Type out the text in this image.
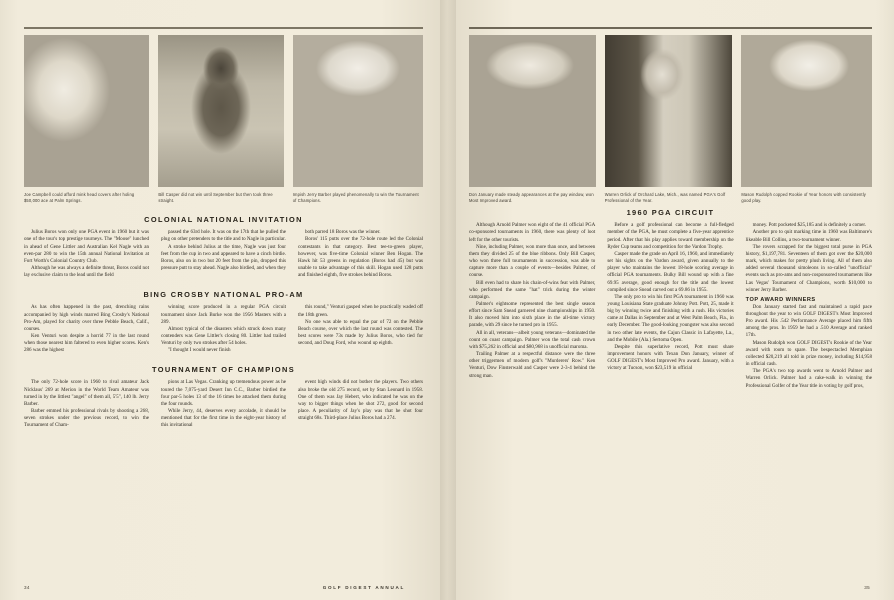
Joe Campbell could afford mink head covers after holing $50,000 ace at Palm Springs.
Bill Casper did not win until September but then took three straight.
Impish Jerry Barber played phenomenally to win the Tournament of Champions.
COLONIAL NATIONAL INVITATION

Julius Boros won only one PGA event in 1960 but it was one of the tour's top prestige tourneys. The "Moose" lunched in ahead of Gene Littler and Australian Kel Nagle with an even-par 280 to win the 15th annual National Invitation at Fort Worth's Colonial Country Club.

Although he was always a definite threat, Boros could not lay exclusive claim to the lead until the field

passed the 63rd hole. It was on the 17th that he pulled the plug on other pretenders to the title and to Nagle in particular.

A stroke behind Julius at the time, Nagle was just four feet from the cup in two and appeared to have a cinch birdie. Boros, also on in two but 20 feet from the pin, dropped this pressure putt to stay ahead. Nagle also birdied, and when they

both parred 18 Boros was the winner.

Boros' 115 putts over the 72-hole route led the Colonial contestants in that category. Best tee-to-green player, however, was five-time Colonial winner Ben Hogan. The Hawk hit 53 greens in regulation (Boros had 45) but was unable to take advantage of this skill. Hogan used 128 putts and finished eighth, five strokes behind Boros.

BING CROSBY NATIONAL PRO-AM

As has often happened in the past, drenching rains accompanied by high winds marred Bing Crosby's National Pro-Am, played for charity over three Pebble Beach, Calif., courses.

Ken Venturi won despite a horrid 77 in the last round when those nearest him faltered to even higher scores. Ken's 286 was the highest

winning score produced in a regular PGA circuit tournament since Jack Burke won the 1956 Masters with a 289.

Almost typical of the disasters which struck down many contenders was Gene Littler's closing 80. Littler had trailed Venturi by only two strokes after 54 holes.

"I thought I would never finish

this round," Venturi gasped when he practically waded off the 18th green.

No one was able to equal the par of 72 on the Pebble Beach course, over which the last round was contested. The best scores were 73s made by Julius Boros, who tied for second, and Doug Ford, who wound up eighth.

TOURNAMENT OF CHAMPIONS

The only 72-hole score in 1960 to rival amateur Jack Nicklaus' 269 at Merion in the World Team Amateur was turned in by the littlest "angel" of them all, 5'5", 140 lb. Jerry Barber.

Barber emmed his professional rivals by shooting a 268, seven strokes under the previous record, to win the Tournament of Cham-

pions at Las Vegas. Cranking up tremendous power as he toured the 7,075-yard Desert Inn C.C., Barber birdied the four par-5 holes 13 of the 16 times he attacked them during the four rounds.

While Jerry, 44, deserves every accolade, it should be mentioned that for the first time in the eight-year history of this invitational

event high winds did not bother the players. Two others also broke the old 275 record, set by Stan Leonard in 1958. One of them was Jay Hebert, who indicated he was on the way to bigger things when he shot 272, good for second place. A peculiarity of Jay's play was that he shot four straight 68s. Third-place Julius Boros had a 274.

34	GOLF DIGEST ANNUAL
Don January made steady appearances at the pay window, won Most Improved award.
Warren Orlick of Orchard Lake, Mich., was named PGA's Golf Professional of the Year.
Mason Rudolph copped Rookie of Year honors with consistently good play.
1960 PGA CIRCUIT

Although Arnold Palmer won eight of the 41 official PGA co-sponsored tournaments in 1960, there was plenty of loot left for the other tourists.

Nine, including Palmer, won more than once, and between them they divided 25 of the blue ribbons. Only Bill Casper, who won three full tournaments in succession, was able to capture more than a couple of events—besides Palmer, of course.

Bill even had to share his chain-of-wins feat with Palmer, who performed the same "hat" trick during the winter campaign.

Palmer's eightsome represented the best single season effort since Sam Snead garnered nine championships in 1950. It also moved him into sixth place in the all-time victory parade, with 29 since he turned pro in 1955.

All in all, veterans—albeit young veterans—dominated the count on coast campaign. Palmer won the total cash crown with $75,262 in official and $80,968 in unofficial maroma.

Trailing Palmer at a respectful distance were the three other triggermen of modern golf's "Murderers' Row." Ken Venturi, Dow Finsterwald and Casper were 2-3-4 behind the strong man.

Before a golf professional can become a full-fledged member of the PGA, he must complete a five-year apprentice period. After that his play applies toward membership on the Ryder Cup teams and competition for the Vardon Trophy.

Casper made the grade on April 16, 1960, and immediately set his sights on the Vardon award, given annually to the player who maintains the lowest 18-hole scoring average in official PGA tournaments. Bulky Bill wound up with a fine 69.95 average, good enough for the title and the lowest compiled since Snead carved out a 69.86 in 1955.

The only pro to win his first PGA tournament in 1960 was young Louisiana State graduate Johnny Pott. Pott, 25, made it big by winning twice and finishing with a rush. His victories came at Dallas in September and at West Palm Beach, Fla., in early December. The good-looking youngster was also second in two other late events, the Cajun Classic in Lafayette, La., and the Mobile (Ala.) Sertoma Open.

Despite this superlative record, Pott must share improvement honors with Texan Don January, winner of GOLF DIGEST's Most Improved Pro award. January, with a victory at Tucson, won $23,519 in official

money. Pott pocketed $25,185 and is definitely a comer.

Another pro to quit marking time in 1960 was Baltimore's likeable Bill Collins, a two-tournament winner.

The rovers scrapped for the biggest total purse in PGA history, $1,197,781. Seventeen of them got over the $20,000 mark, which makes for pretty plush living. All of them also added several thousand simoleons in so-called "unofficial" events such as pro-ams and non-cosponsored tournaments like Las Vegas' Tournament of Champions, worth $10,000 to winner Jerry Barber.

TOP AWARD WINNERS

Don January started fast and maintained a rapid pace throughout the year to win GOLF DIGEST's Most Improved Pro award. His .542 Performance Average placed him fifth among the pros. In 1959 he had a .510 Average and ranked 17th.

Mason Rudolph won GOLF DIGEST's Rookie of the Year award with room to spare. The bespectacled Memphian collected $20,219 all told in prize money, including $14,958 in official cash.

The PGA's two top awards went to Arnold Palmer and Warren Orlick. Palmer had a cake-walk in winning the Professional Golfer of the Year title in voting by golf pros,

35
